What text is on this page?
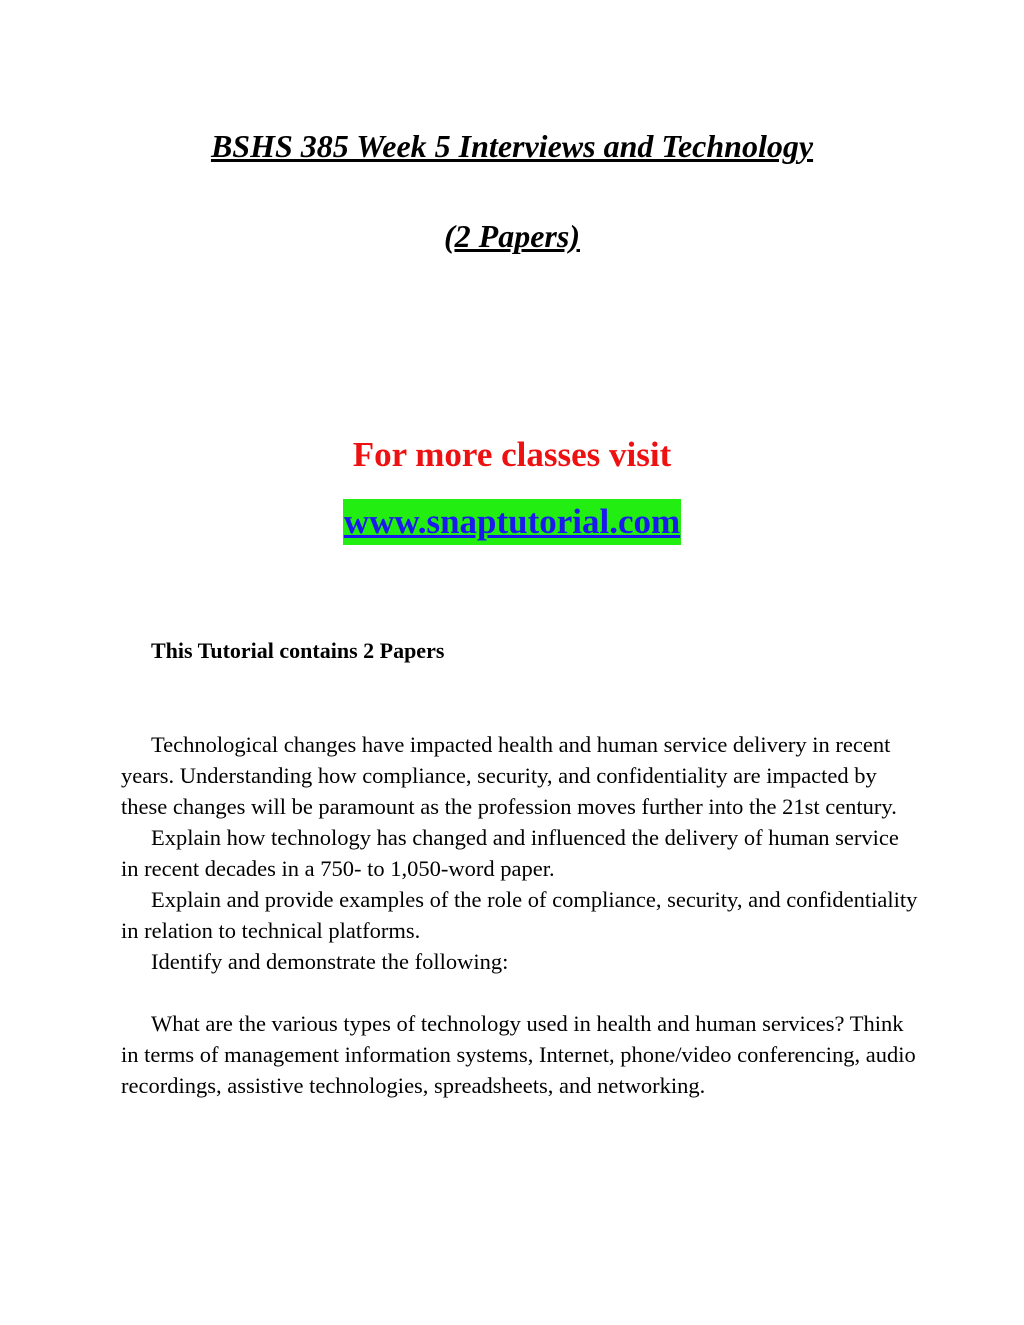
BSHS 385 Week 5 Interviews and Technology
(2 Papers)
For more classes visit
www.snaptutorial.com
This Tutorial contains 2 Papers

Technological changes have impacted health and human service delivery in recent years. Understanding how compliance, security, and confidentiality are impacted by these changes will be paramount as the profession moves further into the 21st century.

Explain how technology has changed and influenced the delivery of human service in recent decades in a 750- to 1,050-word paper.

Explain and provide examples of the role of compliance, security, and confidentiality in relation to technical platforms.

Identify and demonstrate the following:

What are the various types of technology used in health and human services? Think in terms of management information systems, Internet, phone/video conferencing, audio recordings, assistive technologies, spreadsheets, and networking.
